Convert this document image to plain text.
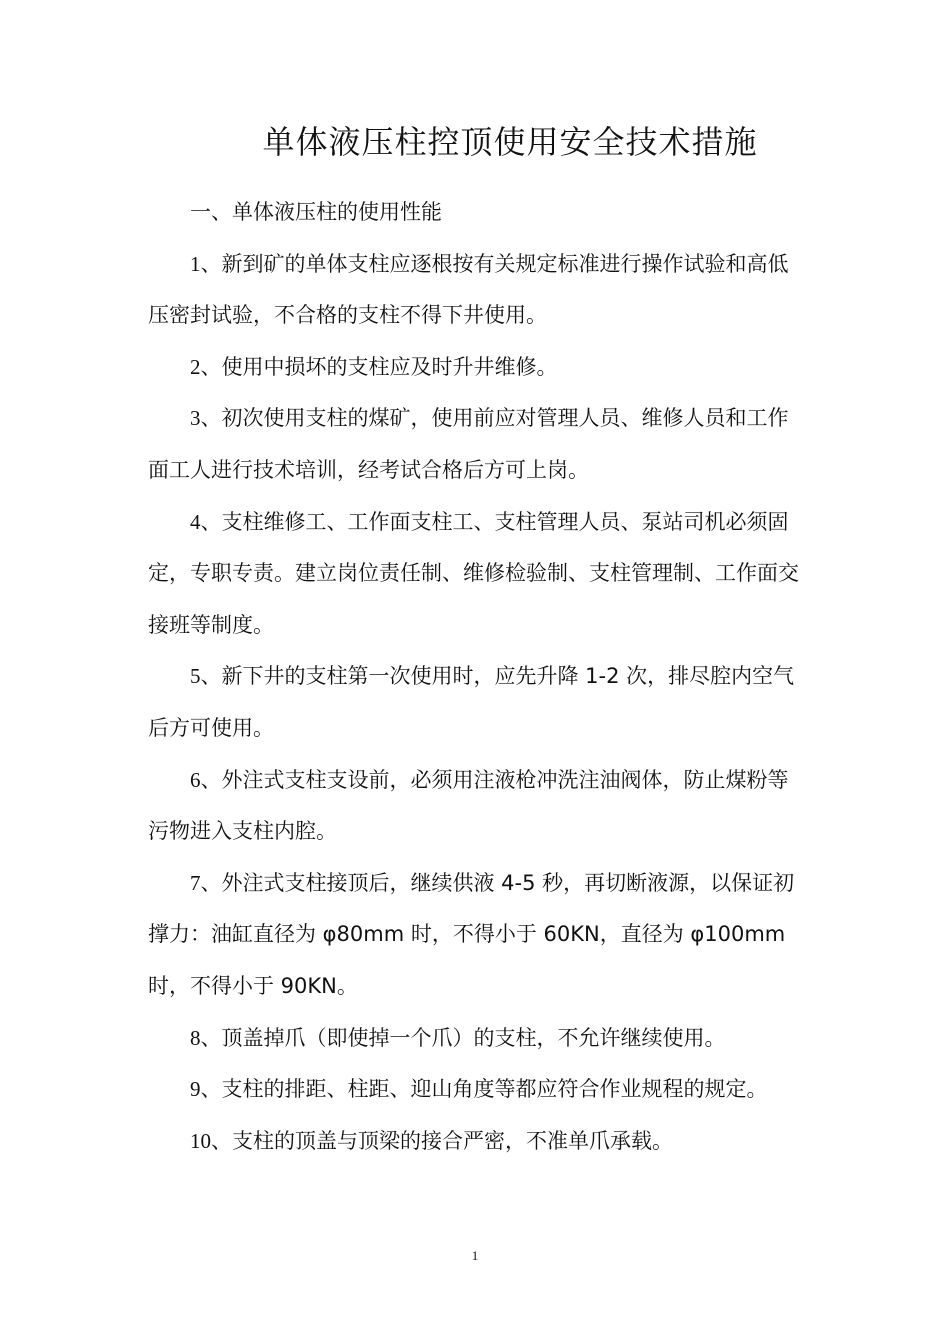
单体液压柱控顶使用安全技术措施

一、单体液压柱的使用性能

1、新到矿的单体支柱应逐根按有关规定标准进行操作试验和高低压密封试验，不合格的支柱不得下井使用。

2、使用中损坏的支柱应及时升井维修。

3、初次使用支柱的煤矿，使用前应对管理人员、维修人员和工作面工人进行技术培训，经考试合格后方可上岗。

4、支柱维修工、工作面支柱工、支柱管理人员、泵站司机必须固定，专职专责。建立岗位责任制、维修检验制、支柱管理制、工作面交接班等制度。

5、新下井的支柱第一次使用时，应先升降 1-2 次，排尽腔内空气后方可使用。

6、外注式支柱支设前，必须用注液枪冲洗注油阀体，防止煤粉等污物进入支柱内腔。

7、外注式支柱接顶后，继续供液 4-5 秒，再切断液源，以保证初撑力：油缸直径为 φ80mm 时，不得小于 60KN，直径为 φ100mm 时，不得小于 90KN。

8、顶盖掉爪（即使掉一个爪）的支柱，不允许继续使用。

9、支柱的排距、柱距、迎山角度等都应符合作业规程的规定。

10、支柱的顶盖与顶梁的接合严密，不准单爪承载。

1
